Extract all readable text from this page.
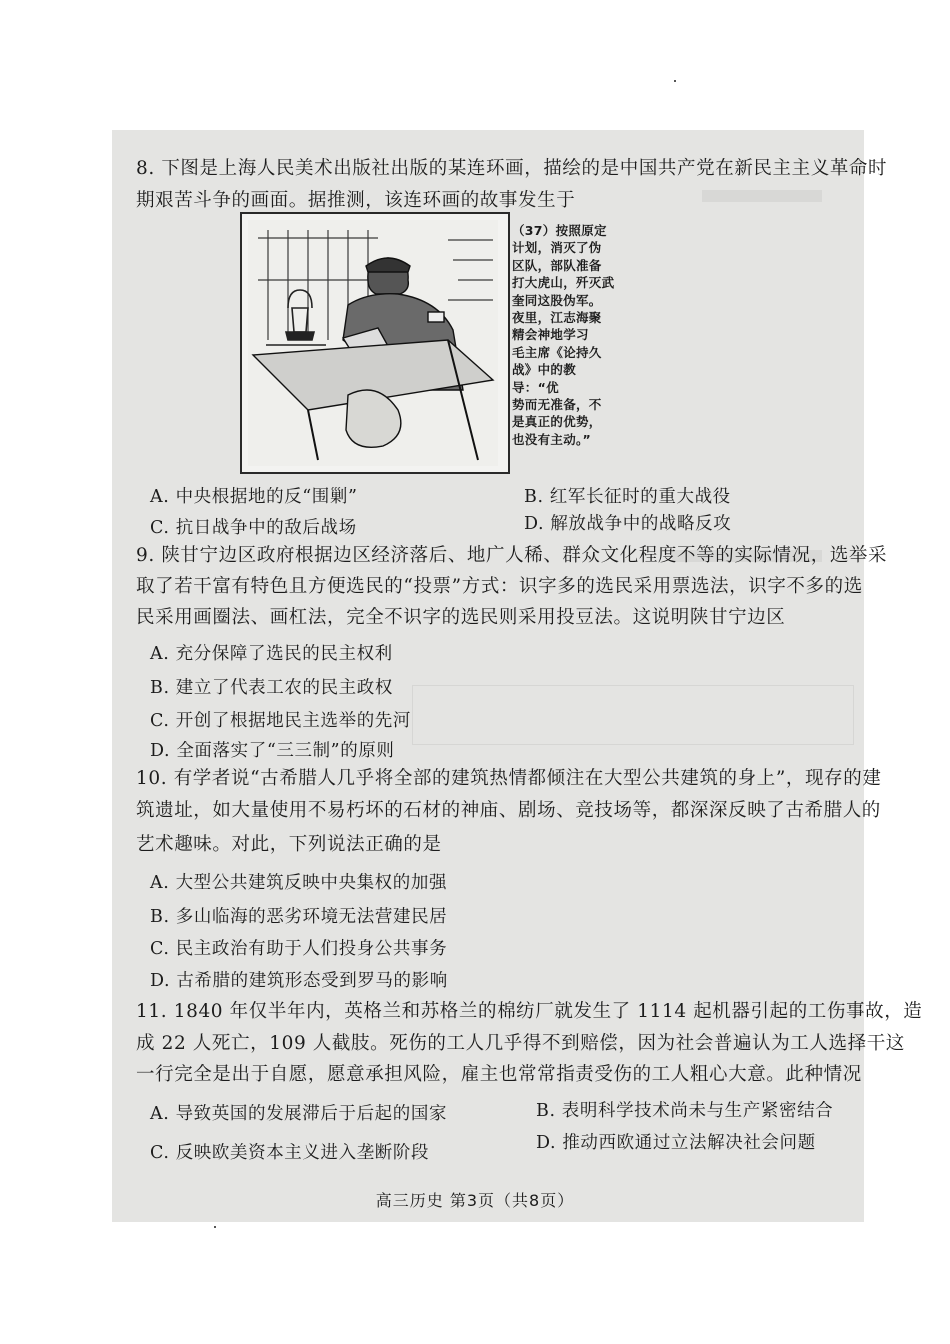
8. 下图是上海人民美术出版社出版的某连环画，描绘的是中国共产党在新民主主义革命时
期艰苦斗争的画面。据推测，该连环画的故事发生于
（37）按照原定
计划，消灭了伪
区队，部队准备
打大虎山，歼灭武
奎同这股伪军。
夜里，江志海聚
精会神地学习
毛主席《论持久
战》中的教导：“优
势而无准备，不
是真正的优势，
也没有主动。”
A. 中央根据地的反“围剿”	B. 红军长征时的重大战役
C. 抗日战争中的敌后战场	D. 解放战争中的战略反攻
9. 陕甘宁边区政府根据边区经济落后、地广人稀、群众文化程度不等的实际情况，选举采
取了若干富有特色且方便选民的“投票”方式：识字多的选民采用票选法，识字不多的选
民采用画圈法、画杠法，完全不识字的选民则采用投豆法。这说明陕甘宁边区
A. 充分保障了选民的民主权利
B. 建立了代表工农的民主政权
C. 开创了根据地民主选举的先河
D. 全面落实了“三三制”的原则
10. 有学者说“古希腊人几乎将全部的建筑热情都倾注在大型公共建筑的身上”，现存的建
筑遗址，如大量使用不易朽坏的石材的神庙、剧场、竞技场等，都深深反映了古希腊人的
艺术趣味。对此，下列说法正确的是
A. 大型公共建筑反映中央集权的加强
B. 多山临海的恶劣环境无法营建民居
C. 民主政治有助于人们投身公共事务
D. 古希腊的建筑形态受到罗马的影响
11. 1840 年仅半年内，英格兰和苏格兰的棉纺厂就发生了 1114 起机器引起的工伤事故，造
成 22 人死亡，109 人截肢。死伤的工人几乎得不到赔偿，因为社会普遍认为工人选择干这
一行完全是出于自愿，愿意承担风险，雇主也常常指责受伤的工人粗心大意。此种情况
A. 导致英国的发展滞后于后起的国家	B. 表明科学技术尚未与生产紧密结合
C. 反映欧美资本主义进入垄断阶段	D. 推动西欧通过立法解决社会问题
高三历史 第3页（共8页）
